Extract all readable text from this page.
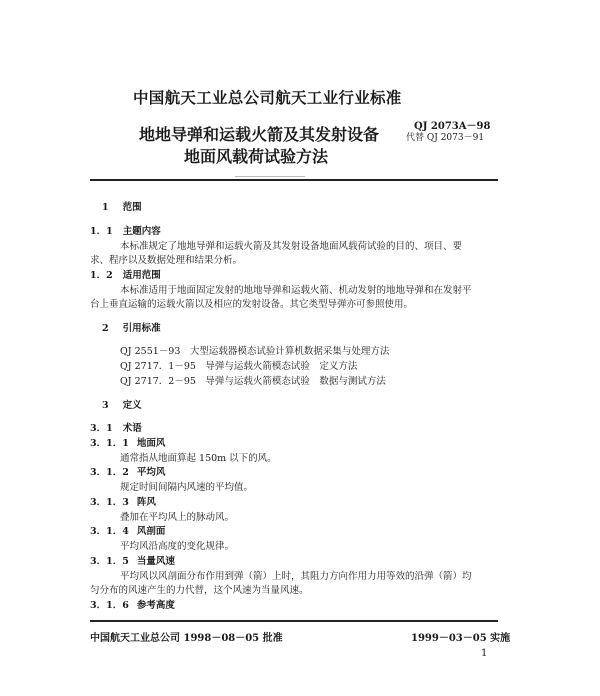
中国航天工业总公司航天工业行业标准
QJ 2073A－98
代替 QJ 2073－91
地地导弹和运载火箭及其发射设备
地面风载荷试验方法
1 范围
1．1 主题内容
本标准规定了地地导弹和运载火箭及其发射设备地面风载荷试验的目的、项目、要
求、程序以及数据处理和结果分析。
1．2 适用范围
本标准适用于地面固定发射的地地导弹和运载火箭、机动发射的地地导弹和在发射平
台上垂直运输的运载火箭以及相应的发射设备。其它类型导弹亦可参照使用。
2 引用标准
QJ 2551－93　大型运载器模态试验计算机数据采集与处理方法
QJ 2717．1－95　导弹与运载火箭模态试验　定义方法
QJ 2717．2－95　导弹与运载火箭模态试验　数据与测试方法
3 定义
3．1 术语
3．1．1 地面风
通常指从地面算起 150m 以下的风。
3．1．2 平均风
规定时间间隔内风速的平均值。
3．1．3 阵风
叠加在平均风上的脉动风。
3．1．4 风剖面
平均风沿高度的变化规律。
3．1．5 当量风速
平均风以风剖面分布作用到弹（箭）上时，其阻力方向作用力用等效的沿弹（箭）均
匀分布的风速产生的力代替，这个风速为当量风速。
3．1．6 参考高度
中国航天工业总公司 1998－08－05 批准	1999－03－05 实施
1
